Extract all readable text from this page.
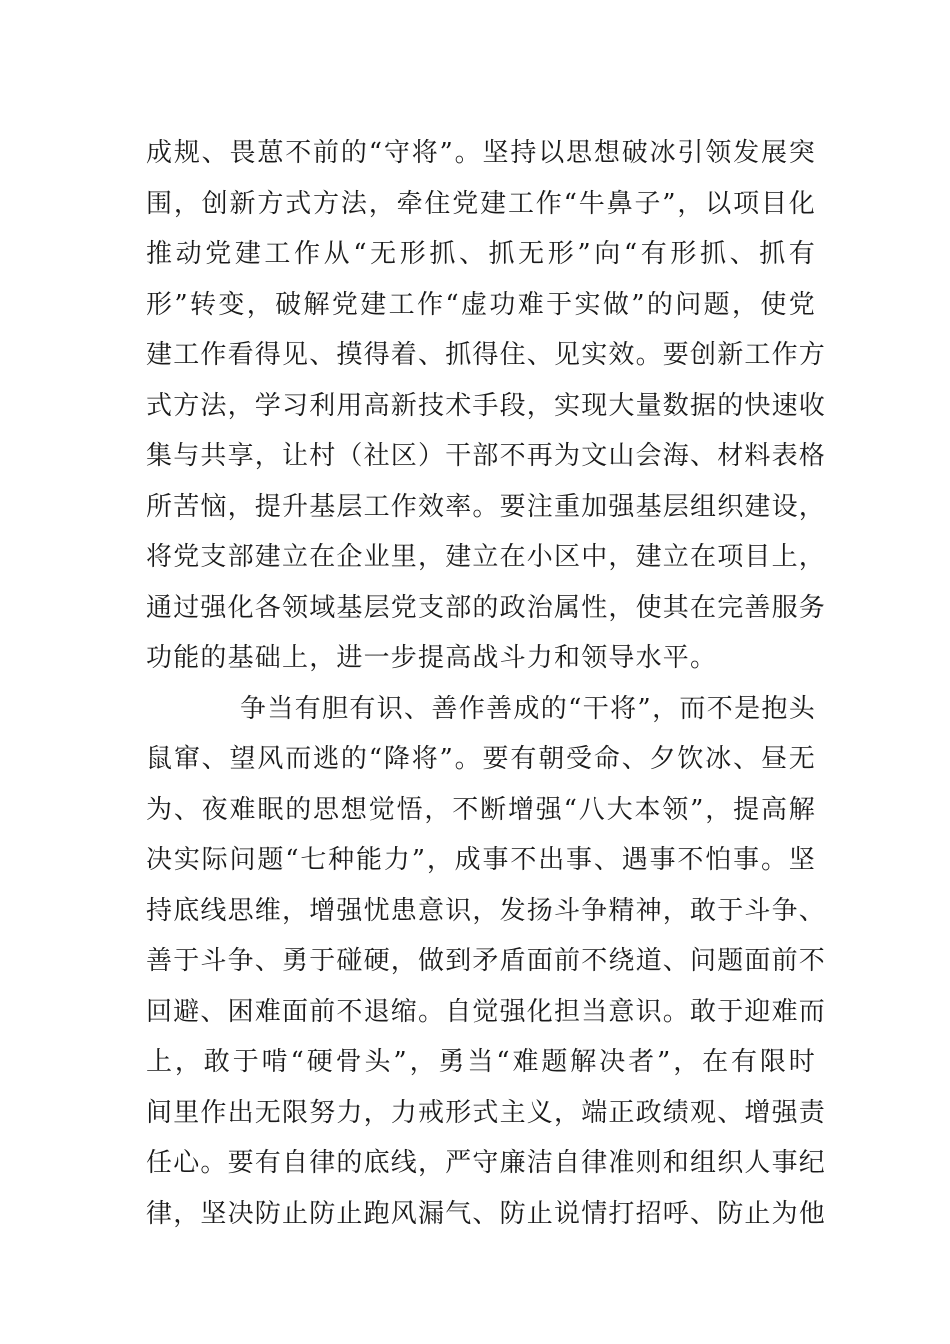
成规、畏葸不前的“守将”。坚持以思想破冰引领发展突
围，创新方式方法，牵住党建工作“牛鼻子”，以项目化
推动党建工作从“无形抓、抓无形”向“有形抓、抓有
形”转变，破解党建工作“虚功难于实做”的问题，使党
建工作看得见、摸得着、抓得住、见实效。要创新工作方
式方法，学习利用高新技术手段，实现大量数据的快速收
集与共享，让村（社区）干部不再为文山会海、材料表格
所苦恼，提升基层工作效率。要注重加强基层组织建设，
将党支部建立在企业里，建立在小区中，建立在项目上，
通过强化各领域基层党支部的政治属性，使其在完善服务
功能的基础上，进一步提高战斗力和领导水平。
争当有胆有识、善作善成的“干将”，而不是抱头
鼠窜、望风而逃的“降将”。要有朝受命、夕饮冰、昼无
为、夜难眠的思想觉悟，不断增强“八大本领”，提高解
决实际问题“七种能力”，成事不出事、遇事不怕事。坚
持底线思维，增强忧患意识，发扬斗争精神，敢于斗争、
善于斗争、勇于碰硬，做到矛盾面前不绕道、问题面前不
回避、困难面前不退缩。自觉强化担当意识。敢于迎难而
上，敢于啃“硬骨头”，勇当“难题解决者”，在有限时
间里作出无限努力，力戒形式主义，端正政绩观、增强责
任心。要有自律的底线，严守廉洁自律准则和组织人事纪
律，坚决防止防止跑风漏气、防止说情打招呼、防止为他
